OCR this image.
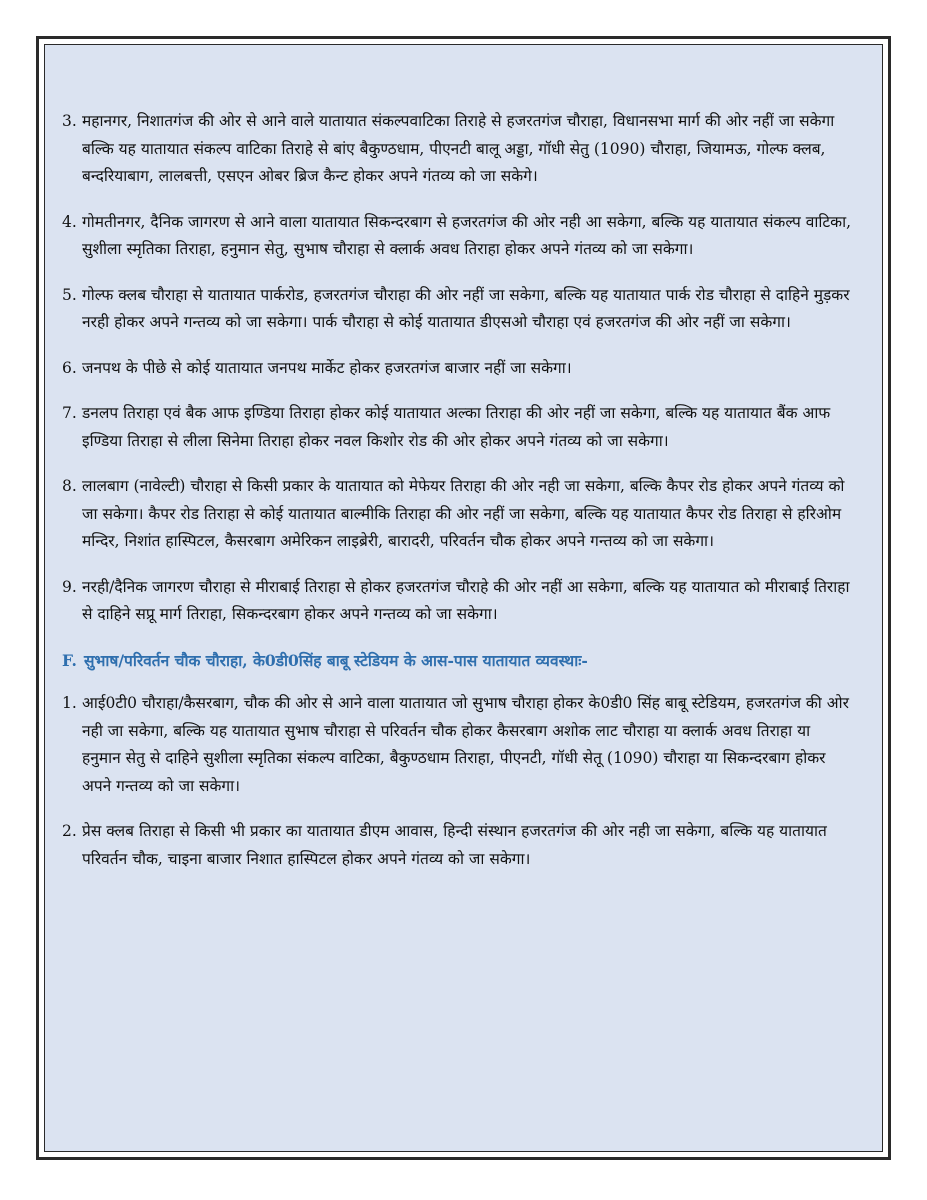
3. महानगर, निशातगंज की ओर से आने वाले यातायात संकल्पवाटिका तिराहे से हजरतगंज चौराहा, विधानसभा मार्ग की ओर नहीं जा सकेगा बल्कि यह यातायात संकल्प वाटिका तिराहे से बांए बैकुण्ठधाम, पीएनटी बालू अड्डा, गॉधी सेतु (1090) चौराहा, जियामऊ, गोल्फ क्लब, बन्दरियाबाग, लालबत्ती, एसएन ओबर ब्रिज कैन्ट होकर अपने गंतव्य को जा सकेगे।
4. गोमतीनगर, दैनिक जागरण से आने वाला यातायात सिकन्दरबाग से हजरतगंज की ओर नही आ सकेगा, बल्कि यह यातायात संकल्प वाटिका, सुशीला स्मृतिका तिराहा, हनुमान सेतु, सुभाष चौराहा से क्लार्क अवध तिराहा होकर अपने गंतव्य को जा सकेगा।
5. गोल्फ क्लब चौराहा से यातायात पार्करोड, हजरतगंज चौराहा की ओर नहीं जा सकेगा, बल्कि यह यातायात पार्क रोड चौराहा से दाहिने मुड़कर नरही होकर अपने गन्तव्य को जा सकेगा। पार्क चौराहा से कोई यातायात डीएसओ चौराहा एवं हजरतगंज की ओर नहीं जा सकेगा।
6. जनपथ के पीछे से कोई यातायात जनपथ मार्केट होकर हजरतगंज बाजार नहीं जा सकेगा।
7. डनलप तिराहा एवं बैक आफ इण्डिया तिराहा होकर कोई यातायात अल्का तिराहा की ओर नहीं जा सकेगा, बल्कि यह यातायात बैंक आफ इण्डिया तिराहा से लीला सिनेमा तिराहा होकर नवल किशोर रोड की ओर होकर अपने गंतव्य को जा सकेगा।
8. लालबाग (नावेल्टी) चौराहा से किसी प्रकार के यातायात को मेफेयर तिराहा की ओर नही जा सकेगा, बल्कि कैपर रोड होकर अपने गंतव्य को जा सकेगा। कैपर रोड तिराहा से कोई यातायात बाल्मीकि तिराहा की ओर नहीं जा सकेगा, बल्कि यह यातायात कैपर रोड तिराहा से हरिओम मन्दिर, निशांत हास्पिटल, कैसरबाग अमेरिकन लाइब्रेरी, बारादरी, परिवर्तन चौक होकर अपने गन्तव्य को जा सकेगा।
9. नरही/दैनिक जागरण चौराहा से मीराबाई तिराहा से होकर हजरतगंज चौराहे की ओर नहीं आ सकेगा, बल्कि यह यातायात को मीराबाई तिराहा से दाहिने सप्रू मार्ग तिराहा, सिकन्दरबाग होकर अपने गन्तव्य को जा सकेगा।
F. सुभाष/परिवर्तन चौक चौराहा, के0डी0सिंह बाबू स्टेडियम के आस-पास यातायात व्यवस्थाः-
1. आई0टी0 चौराहा/कैसरबाग, चौक की ओर से आने वाला यातायात जो सुभाष चौराहा होकर के0डी0 सिंह बाबू स्टेडियम, हजरतगंज की ओर नही जा सकेगा, बल्कि यह यातायात सुभाष चौराहा से परिवर्तन चौक होकर कैसरबाग अशोक लाट चौराहा या क्लार्क अवध तिराहा या हनुमान सेतु से दाहिने सुशीला स्मृतिका संकल्प वाटिका, बैकुण्ठधाम तिराहा, पीएनटी, गॉधी सेतू (1090) चौराहा या सिकन्दरबाग होकर अपने गन्तव्य को जा सकेगा।
2. प्रेस क्लब तिराहा से किसी भी प्रकार का यातायात डीएम आवास, हिन्दी संस्थान हजरतगंज की ओर नही जा सकेगा, बल्कि यह यातायात परिवर्तन चौक, चाइना बाजार निशात हास्पिटल होकर अपने गंतव्य को जा सकेगा।
